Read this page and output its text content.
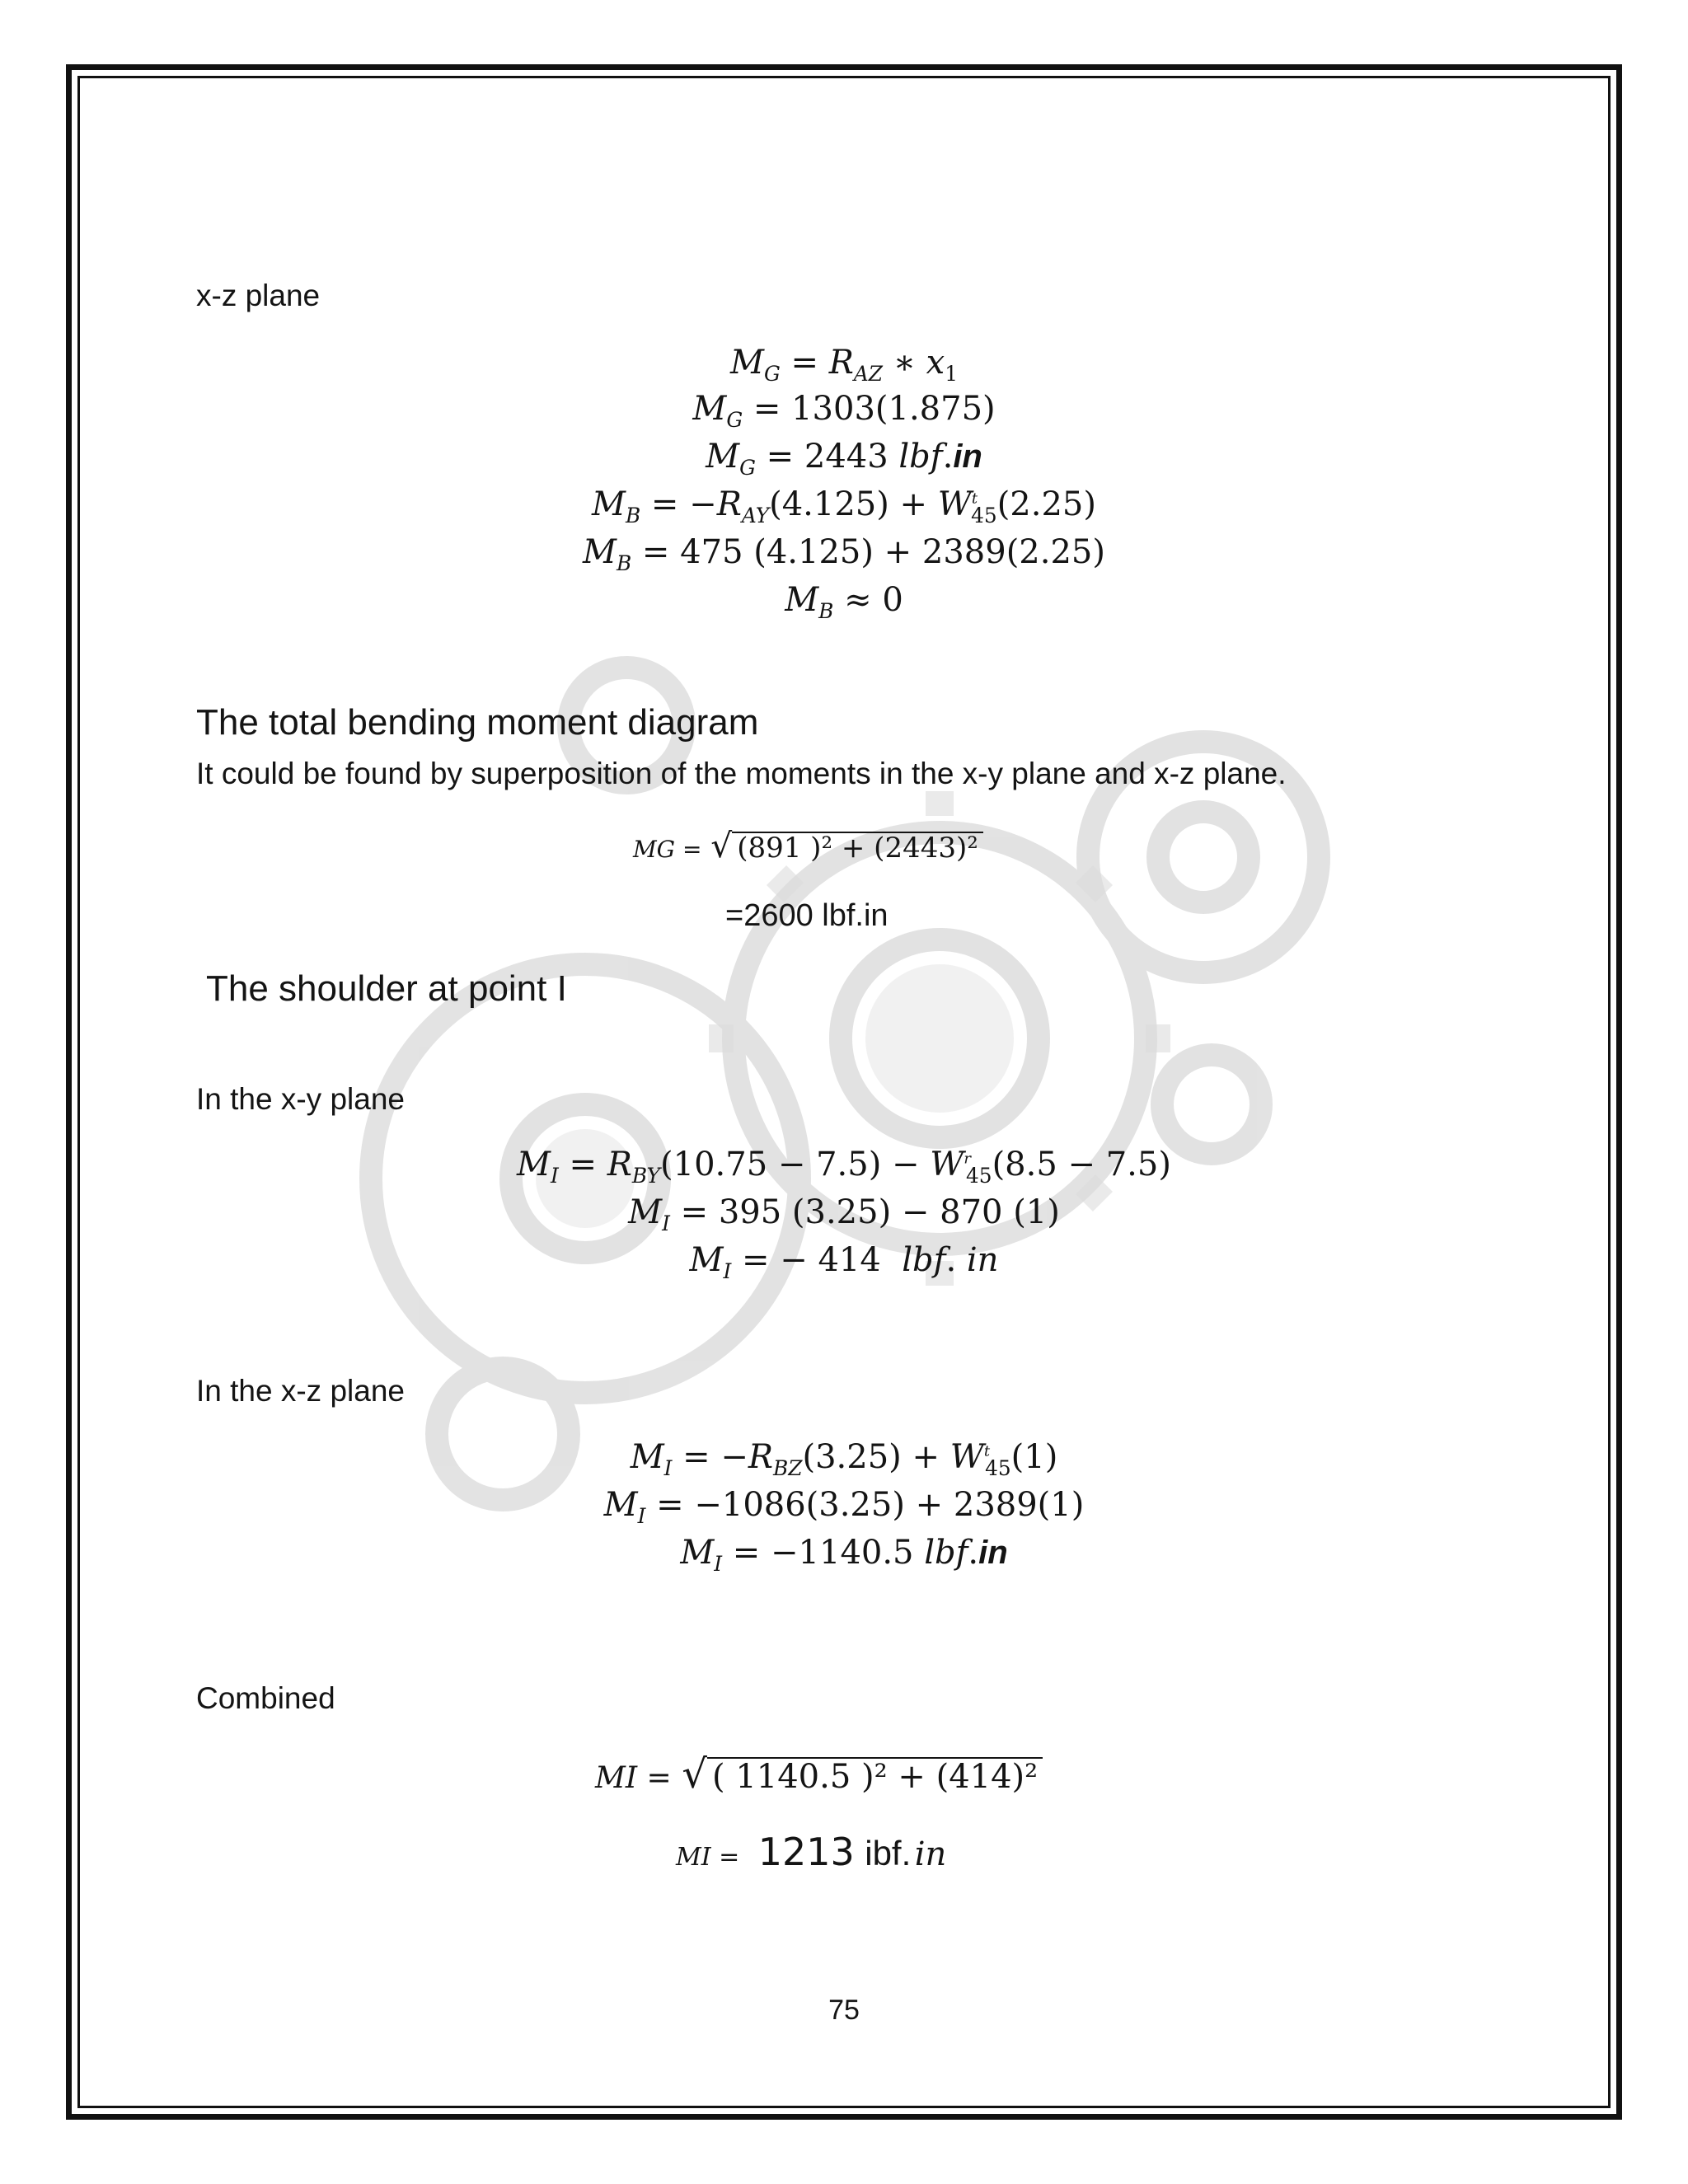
x-z plane
$M_G = R_{AZ}$ ∗ $x_1$
$M_G = 1303(1.875)$
$M_G = 2443$ lbf.in
$M_B = -R_{AY}(4.125) + W^t_{45}(2.25)$
$M_B = 475$ (4.125) + 2389(2.25)
$M_B \approx 0$
The total bending moment diagram
It could be found by superposition of the moments in the x-y plane and x-z plane.
MG = √ (891 )² + (2443)²
=2600 lbf.in
The shoulder at point I
In the x-y plane
$M_I = R_{BY}(10.75 - 7.5) - W^r_{45}(8.5 - 7.5)$
$M_I = 395$ (3.25) − 870 (1)
$M_I$ = − 414  lbf. in
In the x-z plane
$M_I = -R_{BZ}(3.25) + W^t_{45}(1)$
$M_I = -1086(3.25) + 2389(1)$
$M_I = -1140.5$ lbf.in
Combined
MI = √ ( 1140.5 )² + (414)²
MI = 1213 ibf. in
75
